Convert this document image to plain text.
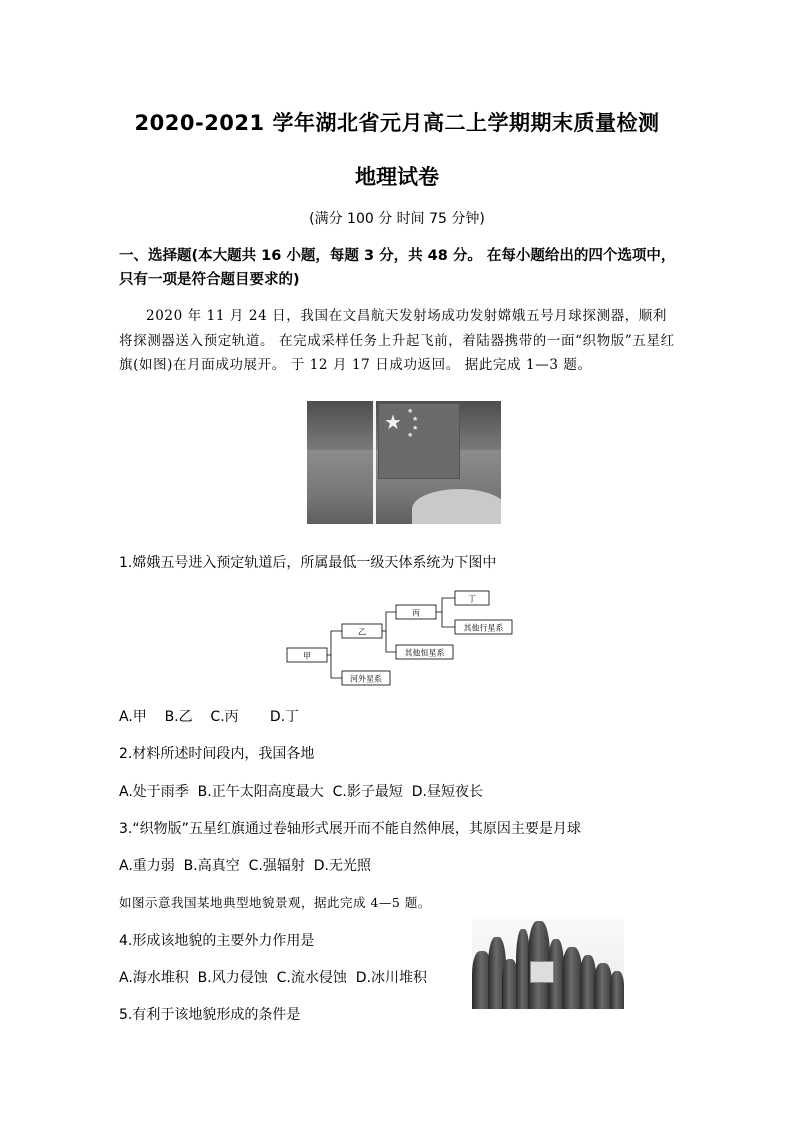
2020-2021 学年湖北省元月高二上学期期末质量检测
地理试卷
(满分 100 分 时间 75 分钟)
一、选择题(本大题共 16 小题，每题 3 分，共 48 分。 在每小题给出的四个选项中，
只有一项是符合题目要求的)
2020 年 11 月 24 日，我国在文昌航天发射场成功发射嫦娥五号月球探测器，顺利将探测器送入预定轨道。 在完成采样任务上升起飞前，着陆器携带的一面“织物版”五星红旗(如图)在月面成功展开。 于 12 月 17 日成功返回。 据此完成 1—3 题。
★ ★
★
★
★
1.嫦娥五号进入预定轨道后，所属最低一级天体系统为下图中
甲
乙
丙
丁
其他行星系
其他恒星系
河外星系
A.甲    B.乙    C.丙       D.丁
2.材料所述时间段内，我国各地
A.处于雨季  B.正午太阳高度最大  C.影子最短  D.昼短夜长
3.“织物版”五星红旗通过卷轴形式展开而不能自然伸展，其原因主要是月球
A.重力弱  B.高真空  C.强辐射  D.无光照
如图示意我国某地典型地貌景观，据此完成 4—5 题。
4.形成该地貌的主要外力作用是
A.海水堆积  B.风力侵蚀  C.流水侵蚀  D.冰川堆积
5.有利于该地貌形成的条件是
